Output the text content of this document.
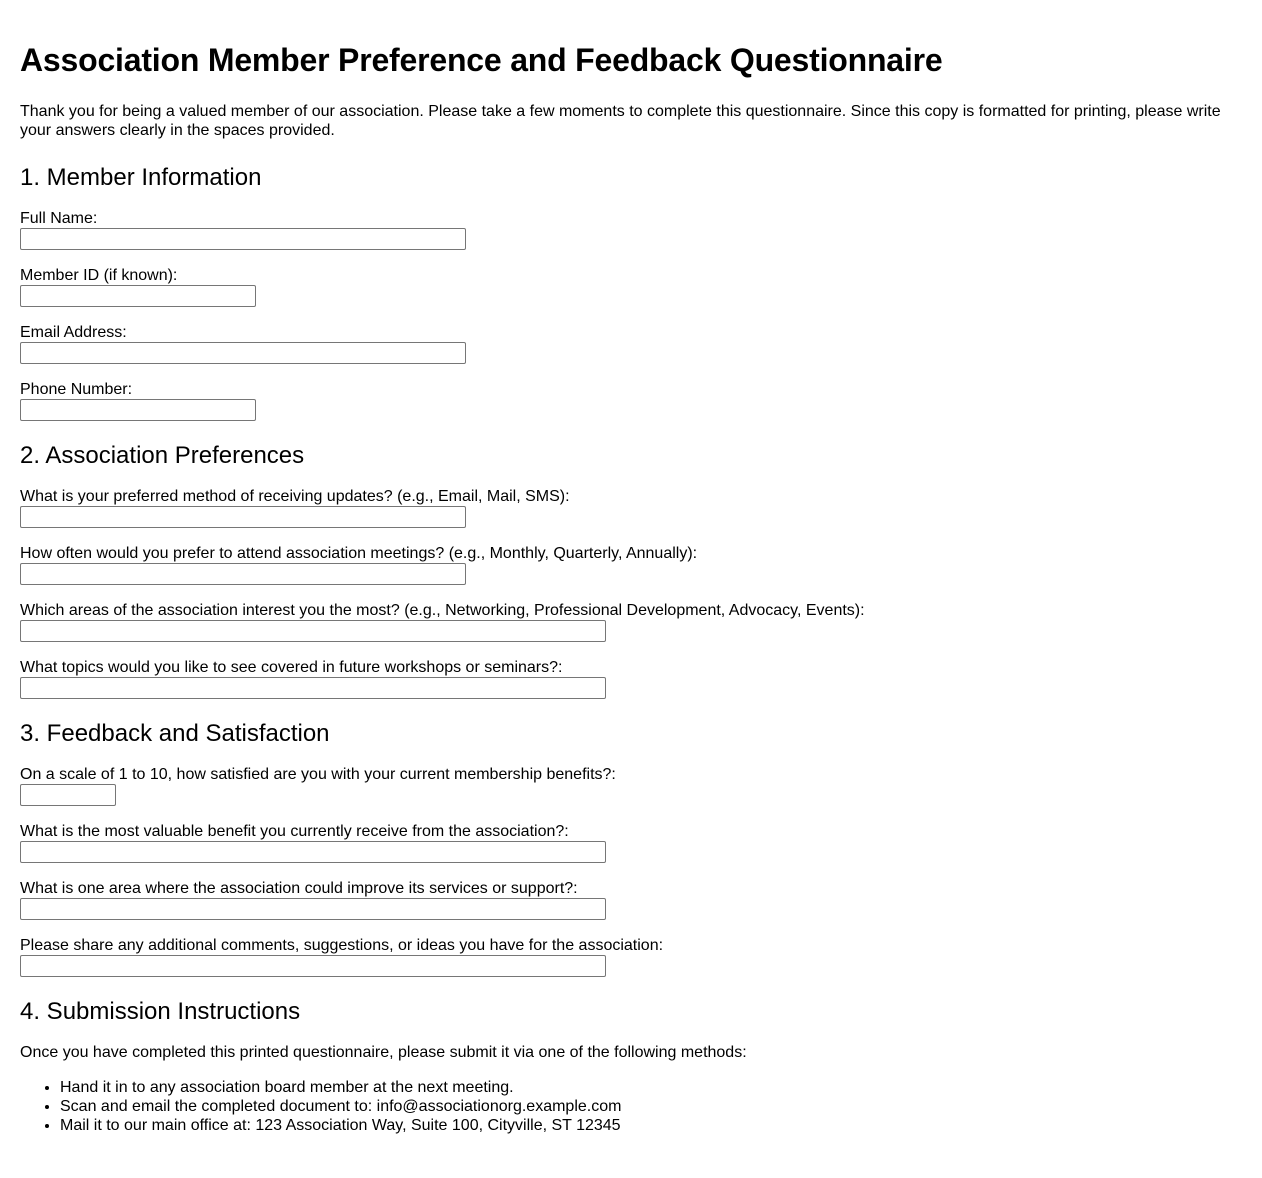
Association Member Preference and Feedback Questionnaire

Thank you for being a valued member of our association. Please take a few moments to complete this questionnaire. Since this copy is formatted for printing, please write your answers clearly in the spaces provided.

1. Member Information
Full Name:
Member ID (if known):
Email Address:
Phone Number:
2. Association Preferences
What is your preferred method of receiving updates? (e.g., Email, Mail, SMS):
How often would you prefer to attend association meetings? (e.g., Monthly, Quarterly, Annually):
Which areas of the association interest you the most? (e.g., Networking, Professional Development, Advocacy, Events):
What topics would you like to see covered in future workshops or seminars?:
3. Feedback and Satisfaction
On a scale of 1 to 10, how satisfied are you with your current membership benefits?:
What is the most valuable benefit you currently receive from the association?:
What is one area where the association could improve its services or support?:
Please share any additional comments, suggestions, or ideas you have for the association:
4. Submission Instructions

Once you have completed this printed questionnaire, please submit it via one of the following methods:

• Hand it in to any association board member at the next meeting.
• Scan and email the completed document to: info@associationorg.example.com
• Mail it to our main office at: 123 Association Way, Suite 100, Cityville, ST 12345
